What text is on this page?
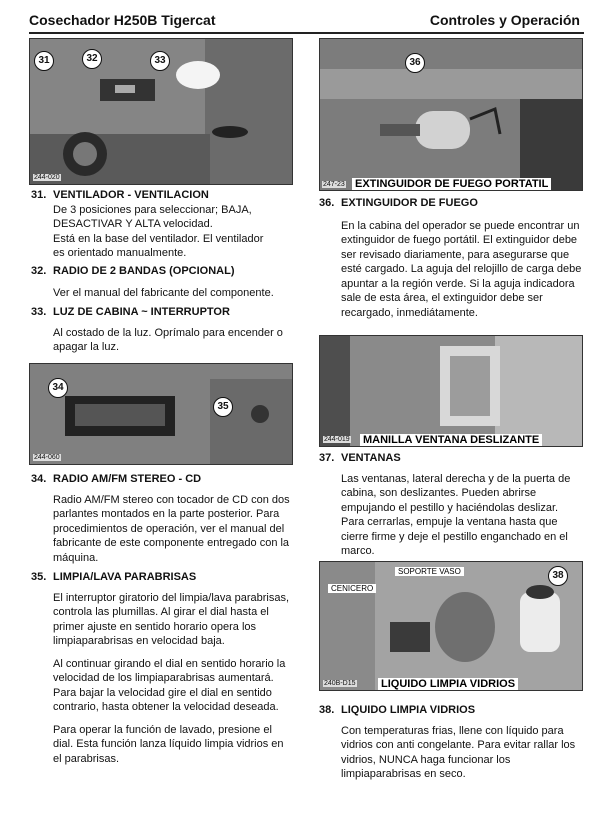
Cosechador H250B Tigercat	Controles y Operación
31	32	33
244-020
36
247-23 EXTINGUIDOR DE FUEGO PORTATIL
31. VENTILADOR - VENTILACION
De 3 posiciones para seleccionar; BAJA,
DESACTIVAR Y ALTA velocidad.
Está en la base del ventilador. El ventilador
es orientado manualmente.
32. RADIO DE 2 BANDAS (OPCIONAL)
Ver el manual del fabricante del componente.
33. LUZ DE CABINA ~ INTERRUPTOR
Al costado de la luz. Oprímalo para encender o apagar la luz.
34
35
244-060
34. RADIO AM/FM STEREO - CD
Radio AM/FM stereo con tocador de CD con dos parlantes montados en la parte posterior. Para procedimientos de operación, ver el manual del fabricante de este componente entregado con la máquina.
35. LIMPIA/LAVA PARABRISAS

El interruptor giratorio del limpia/lava parabrisas, controla las plumillas. Al girar el dial hasta el primer ajuste en sentido horario opera los limpiaparabrisas en velocidad baja.

Al continuar girando el dial en sentido horario la velocidad de los limpiaparabrisas aumentará. Para bajar la velocidad gire el dial en sentido contrario, hasta obtener la velocidad deseada.

Para operar la función de lavado, presione el dial. Esta función lanza líquido limpia vidrios en el parabrisas.

36. EXTINGUIDOR DE FUEGO
En la cabina del operador se puede encontrar un extinguidor de fuego portátil. El extinguidor debe ser revisado diariamente, para asegurarse que esté cargado. La aguja del relojillo de carga debe apuntar a la región verde. Si la aguja indicadora sale de esta área, el extinguidor debe ser recargado, inmediátamente.
244-019 MANILLA VENTANA DESLIZANTE
37. VENTANAS
Las ventanas, lateral derecha y de la puerta de cabina, son deslizantes. Pueden abrirse empujando el pestillo y haciéndolas deslizar. Para cerrarlas, empuje la ventana hasta que cierre firme y deje el pestillo enganchado en el marco.
CENICERO
SOPORTE VASO	38
240B-D15 LIQUIDO LIMPIA VIDRIOS
38. LIQUIDO LIMPIA VIDRIOS
Con temperaturas frias, llene con líquido para vidrios con anti congelante. Para evitar rallar los vidrios, NUNCA haga funcionar los limpiaparabrisas en seco.
